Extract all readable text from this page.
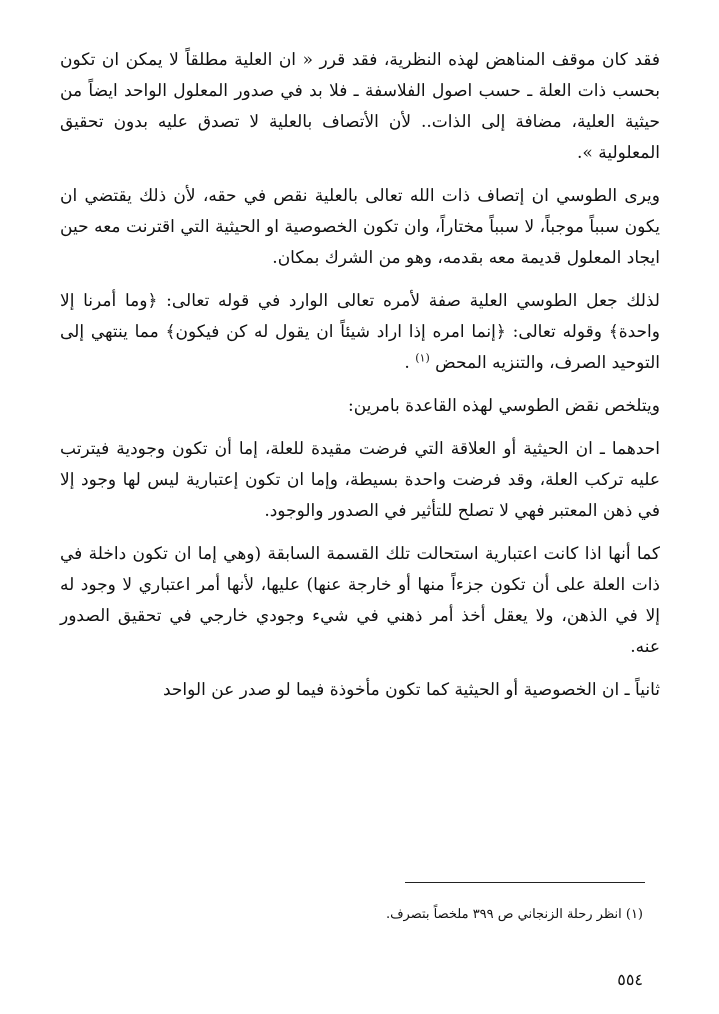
فقد كان موقف المناهض لهذه النظرية، فقد قرر « ان العلية مطلقاً لا يمكن ان تكون بحسب ذات العلة ـ حسب اصول الفلاسفة ـ فلا بد في صدور المعلول الواحد ايضاً من حيثية العلية، مضافة إلى الذات.. لأن الأتصاف بالعلية لا تصدق عليه بدون تحقيق المعلولية ».

ويرى الطوسي ان إتصاف ذات الله تعالى بالعلية نقص في حقه، لأن ذلك يقتضي ان يكون سبباً موجباً، لا سبباً مختاراً، وان تكون الخصوصية او الحيثية التي اقترنت معه حين ايجاد المعلول قديمة معه بقدمه، وهو من الشرك بمكان.

لذلك جعل الطوسي العلية صفة لأمره تعالى الوارد في قوله تعالى: ﴿وما أمرنا إلا واحدة﴾ وقوله تعالى: ﴿إنما امره إذا اراد شيئاً ان يقول له كن فيكون﴾ مما ينتهي إلى التوحيد الصرف، والتنزيه المحض $^{(١)}$ .

ويتلخص نقض الطوسي لهذه القاعدة بامرين:

احدهما ـ ان الحيثية أو العلاقة التي فرضت مقيدة للعلة، إما أن تكون وجودية فيترتب عليه تركب العلة، وقد فرضت واحدة بسيطة، وإما ان تكون إعتبارية ليس لها وجود إلا في ذهن المعتبر فهي لا تصلح للتأثير في الصدور والوجود.

كما أنها اذا كانت اعتبارية استحالت تلك القسمة السابقة (وهي إما ان تكون داخلة في ذات العلة على أن تكون جزءاً منها أو خارجة عنها) عليها، لأنها أمر اعتباري لا وجود له إلا في الذهن، ولا يعقل أخذ أمر ذهني في شيء وجودي خارجي في تحقيق الصدور عنه.

ثانياً ـ ان الخصوصية أو الحيثية كما تكون مأخوذة فيما لو صدر عن الواحد

(١) انظر رحلة الزنجاني ص ٣٩٩ ملخصاً بتصرف.
٥٥٤
